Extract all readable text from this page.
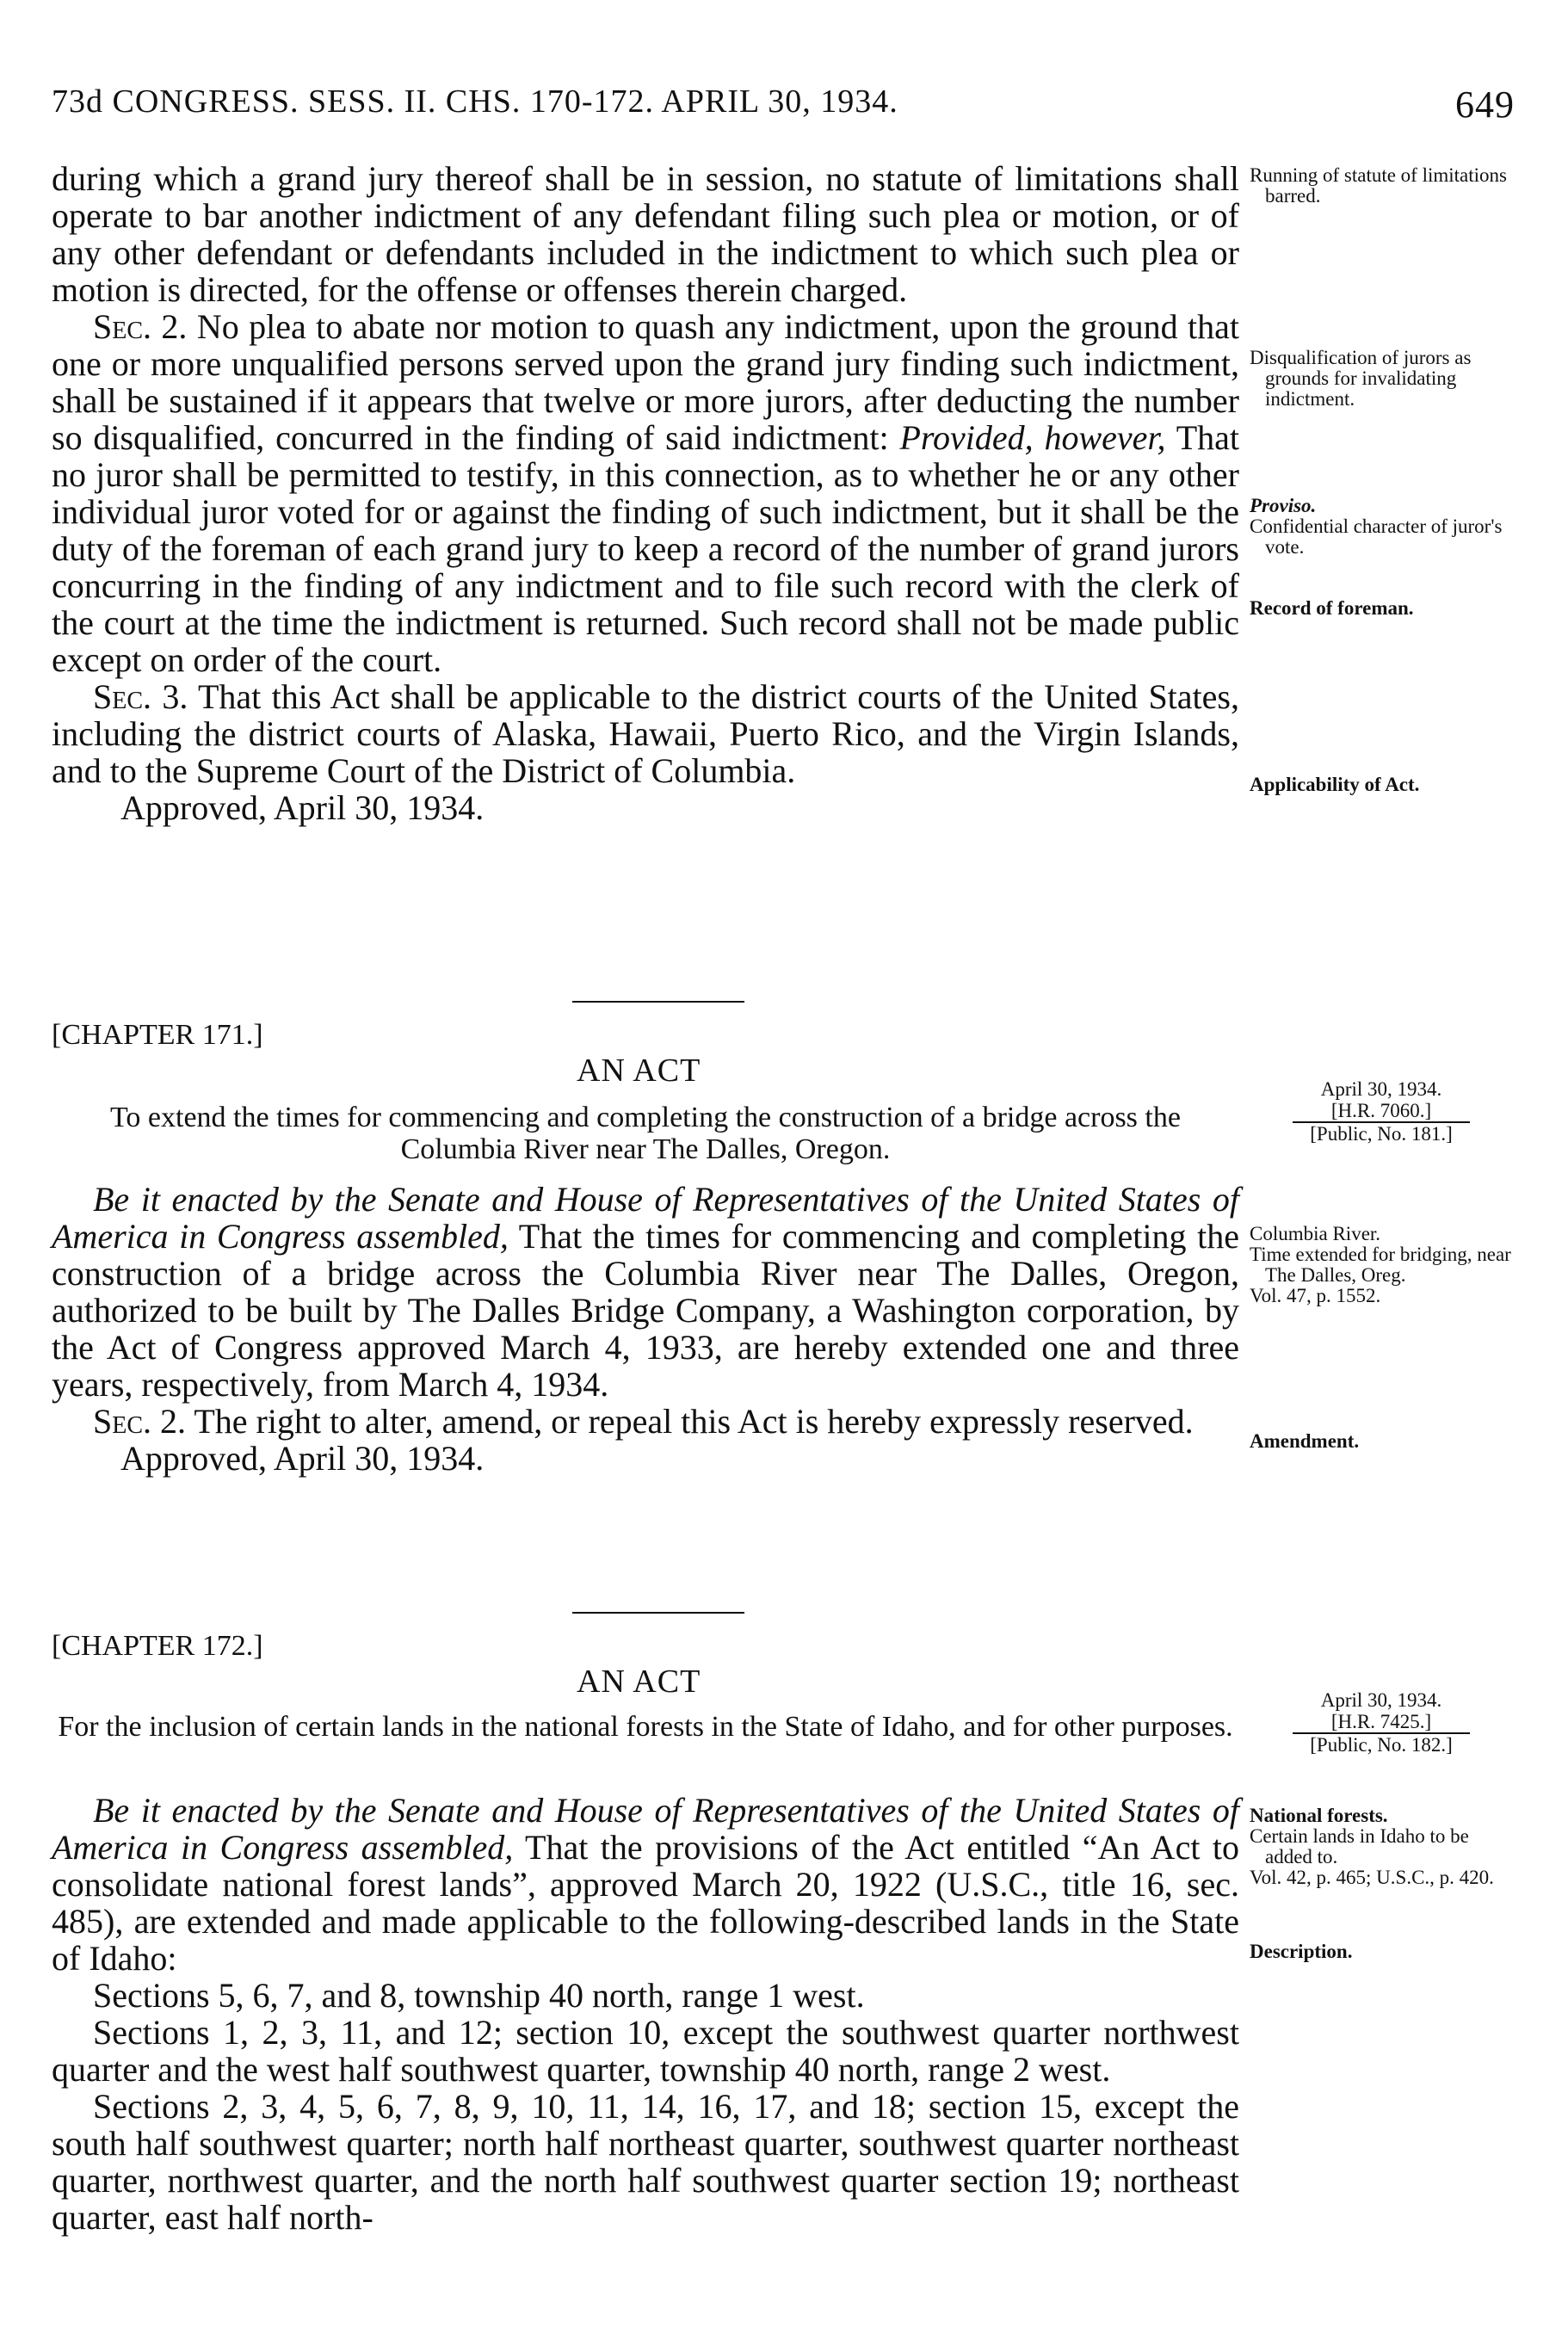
73d CONGRESS. SESS. II. CHS. 170-172. APRIL 30, 1934.	649

during which a grand jury thereof shall be in session, no statute of limitations shall operate to bar another indictment of any defendant filing such plea or motion, or of any other defendant or defendants included in the indictment to which such plea or motion is directed, for the offense or offenses therein charged.

Sec. 2. No plea to abate nor motion to quash any indictment, upon the ground that one or more unqualified persons served upon the grand jury finding such indictment, shall be sustained if it appears that twelve or more jurors, after deducting the number so disqualified, concurred in the finding of said indictment: Provided, however, That no juror shall be permitted to testify, in this connection, as to whether he or any other individual juror voted for or against the finding of such indictment, but it shall be the duty of the foreman of each grand jury to keep a record of the number of grand jurors concurring in the finding of any indictment and to file such record with the clerk of the court at the time the indictment is returned. Such record shall not be made public except on order of the court.

Sec. 3. That this Act shall be applicable to the district courts of the United States, including the district courts of Alaska, Hawaii, Puerto Rico, and the Virgin Islands, and to the Supreme Court of the District of Columbia.

Approved, April 30, 1934.

Running of statute of limitations barred.

Disqualification of jurors as grounds for invalidating indictment.

Proviso.

Confidential character of juror's vote.

Record of foreman.

Applicability of Act.

[CHAPTER 171.]
AN ACT
To extend the times for commencing and completing the construction of a bridge across the Columbia River near The Dalles, Oregon.
April 30, 1934.
[H.R. 7060.]
[Public, No. 181.]

Be it enacted by the Senate and House of Representatives of the United States of America in Congress assembled, That the times for commencing and completing the construction of a bridge across the Columbia River near The Dalles, Oregon, authorized to be built by The Dalles Bridge Company, a Washington corporation, by the Act of Congress approved March 4, 1933, are hereby extended one and three years, respectively, from March 4, 1934.

Sec. 2. The right to alter, amend, or repeal this Act is hereby expressly reserved.

Approved, April 30, 1934.

Columbia River.

Time extended for bridging, near The Dalles, Oreg.

Vol. 47, p. 1552.

Amendment.

[CHAPTER 172.]
AN ACT
For the inclusion of certain lands in the national forests in the State of Idaho, and for other purposes.
April 30, 1934.
[H.R. 7425.]
[Public, No. 182.]

Be it enacted by the Senate and House of Representatives of the United States of America in Congress assembled, That the provisions of the Act entitled “An Act to consolidate national forest lands”, approved March 20, 1922 (U.S.C., title 16, sec. 485), are extended and made applicable to the following-described lands in the State of Idaho:

Sections 5, 6, 7, and 8, township 40 north, range 1 west.

Sections 1, 2, 3, 11, and 12; section 10, except the southwest quarter northwest quarter and the west half southwest quarter, township 40 north, range 2 west.

Sections 2, 3, 4, 5, 6, 7, 8, 9, 10, 11, 14, 16, 17, and 18; section 15, except the south half southwest quarter; north half northeast quarter, southwest quarter northeast quarter, northwest quarter, and the north half southwest quarter section 19; northeast quarter, east half north-

National forests.

Certain lands in Idaho to be added to.

Vol. 42, p. 465; U.S.C., p. 420.

Description.
